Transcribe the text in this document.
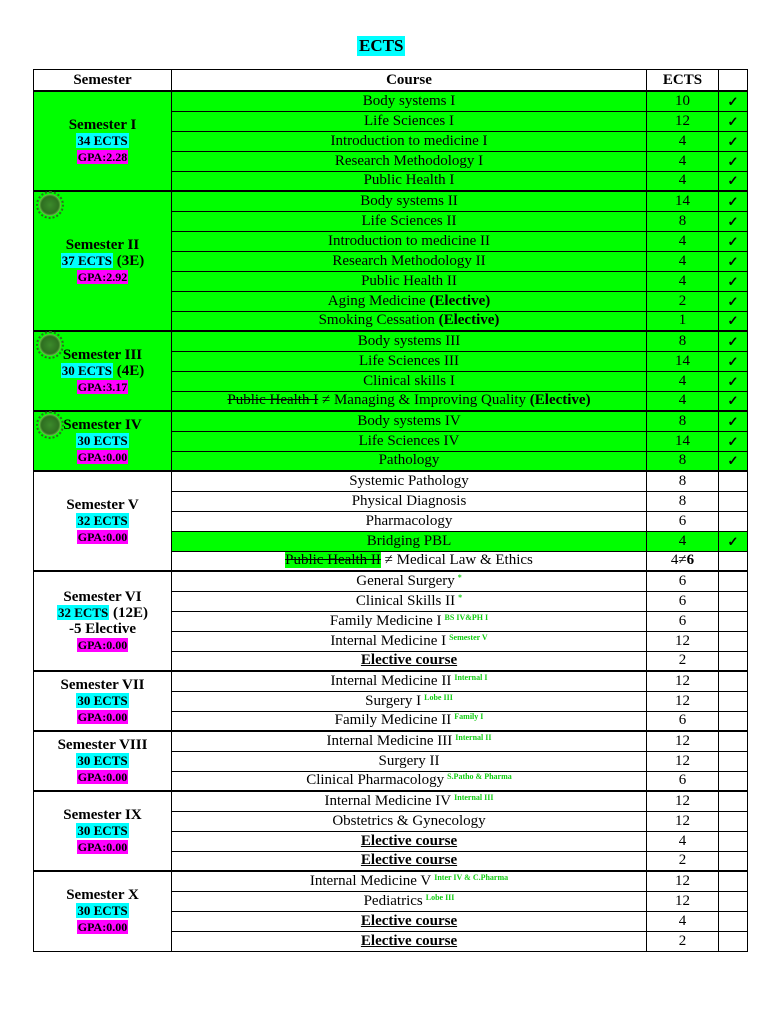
ECTS
Semester	Course	ECTS	

Semester I
34 ECTS
GPA:2.28	Body systems I	10	✓
	Life Sciences I	12	✓
	Introduction to medicine I	4	✓
	Research Methodology I	4	✓
	Public Health I	4	✓

Semester II
37 ECTS (3E)
GPA:2.92	Body systems II	14	✓
	Life Sciences II	8	✓
	Introduction to medicine II	4	✓
	Research Methodology II	4	✓
	Public Health II	4	✓
	Aging Medicine (Elective)	2	✓
	Smoking Cessation (Elective)	1	✓

Semester III
30 ECTS (4E)
GPA:3.17	Body systems III	8	✓
	Life Sciences III	14	✓
	Clinical skills I	4	✓
	Public Health I ≠ Managing & Improving Quality (Elective)	4	✓

Semester IV
30 ECTS
GPA:0.00	Body systems IV	8	✓
	Life Sciences IV	14	✓
	Pathology	8	✓

Semester V
32 ECTS
GPA:0.00	Systemic Pathology	8	
	Physical Diagnosis	8	
	Pharmacology	6	
	Bridging PBL	4	✓
	Public Health II ≠ Medical Law & Ethics	4≠6	

Semester VI
32 ECTS (12E)
-5 Elective
GPA:0.00	General Surgery *	6	
	Clinical Skills II *	6	
	Family Medicine I $^{BS IV\&PH I}$	6	
	Internal Medicine I $^{Semester V}$	12	
	Elective course	2	

Semester VII
30 ECTS
GPA:0.00	Internal Medicine II $^{Internal I}$	12	
	Surgery I $^{Lobe III}$	12	
	Family Medicine II $^{Family I}$	6	

Semester VIII
30 ECTS
GPA:0.00	Internal Medicine III $^{Internal II}$	12	
	Surgery II	12	
	Clinical Pharmacology $^{S.Patho \& Pharma}$	6	

Semester IX
30 ECTS
GPA:0.00	Internal Medicine IV $^{Internal III}$	12	
	Obstetrics & Gynecology	12	
	Elective course	4	
	Elective course	2	

Semester X
30 ECTS
GPA:0.00	Internal Medicine V $^{Inter IV \& C.Pharma}$	12	
	Pediatrics $^{Lobe III}$	12	
	Elective course	4	
	Elective course	2	
